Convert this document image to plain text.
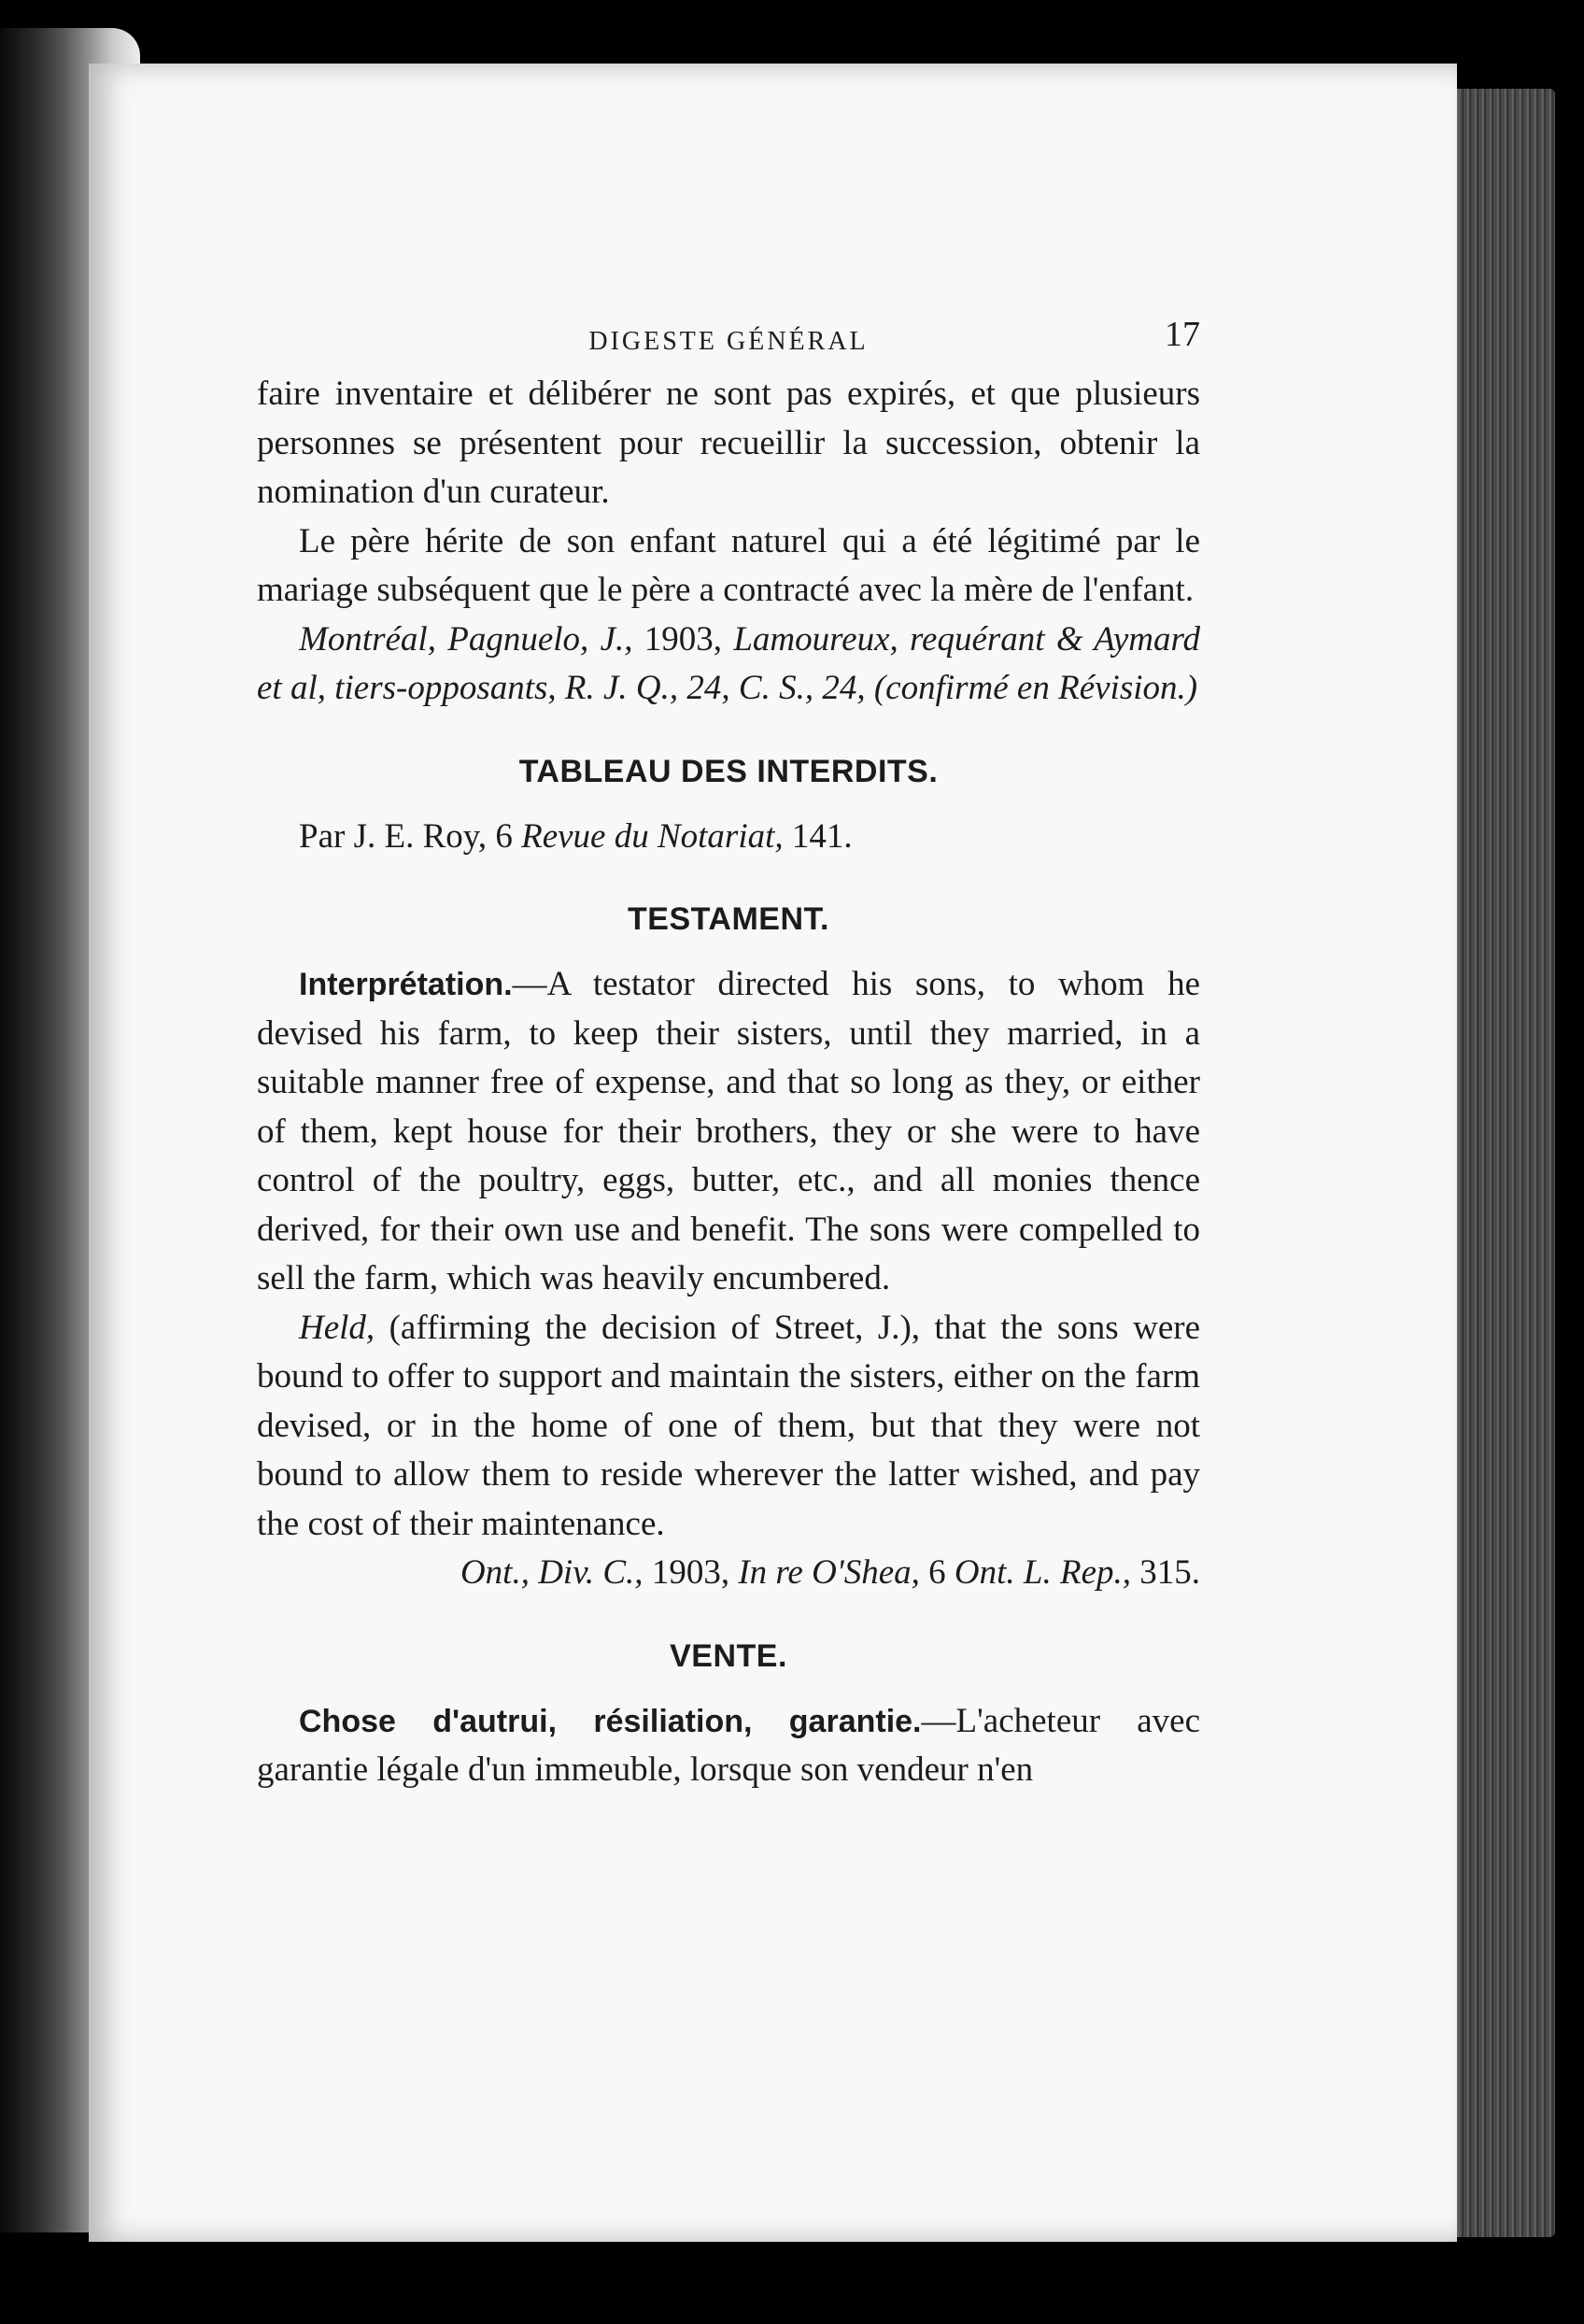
DIGESTE GÉNÉRAL	17

faire inventaire et délibérer ne sont pas expirés, et que plusieurs personnes se présentent pour recueillir la succession, obtenir la nomination d'un curateur.

Le père hérite de son enfant naturel qui a été légitimé par le mariage subséquent que le père a contracté avec la mère de l'enfant.

Montréal, Pagnuelo, J., 1903, Lamoureux, requérant & Aymard et al, tiers-opposants, R. J. Q., 24, C. S., 24, (confirmé en Révision.)

TABLEAU DES INTERDITS.

Par J. E. Roy, 6 Revue du Notariat, 141.

TESTAMENT.

Interprétation.—A testator directed his sons, to whom he devised his farm, to keep their sisters, until they married, in a suitable manner free of expense, and that so long as they, or either of them, kept house for their brothers, they or she were to have control of the poultry, eggs, butter, etc., and all monies thence derived, for their own use and benefit. The sons were compelled to sell the farm, which was heavily encumbered.

Held, (affirming the decision of Street, J.), that the sons were bound to offer to support and maintain the sisters, either on the farm devised, or in the home of one of them, but that they were not bound to allow them to reside wherever the latter wished, and pay the cost of their maintenance.

Ont., Div. C., 1903, In re O'Shea, 6 Ont. L. Rep., 315.

VENTE.

Chose d'autrui, résiliation, garantie.—L'acheteur avec garantie légale d'un immeuble, lorsque son vendeur n'en
